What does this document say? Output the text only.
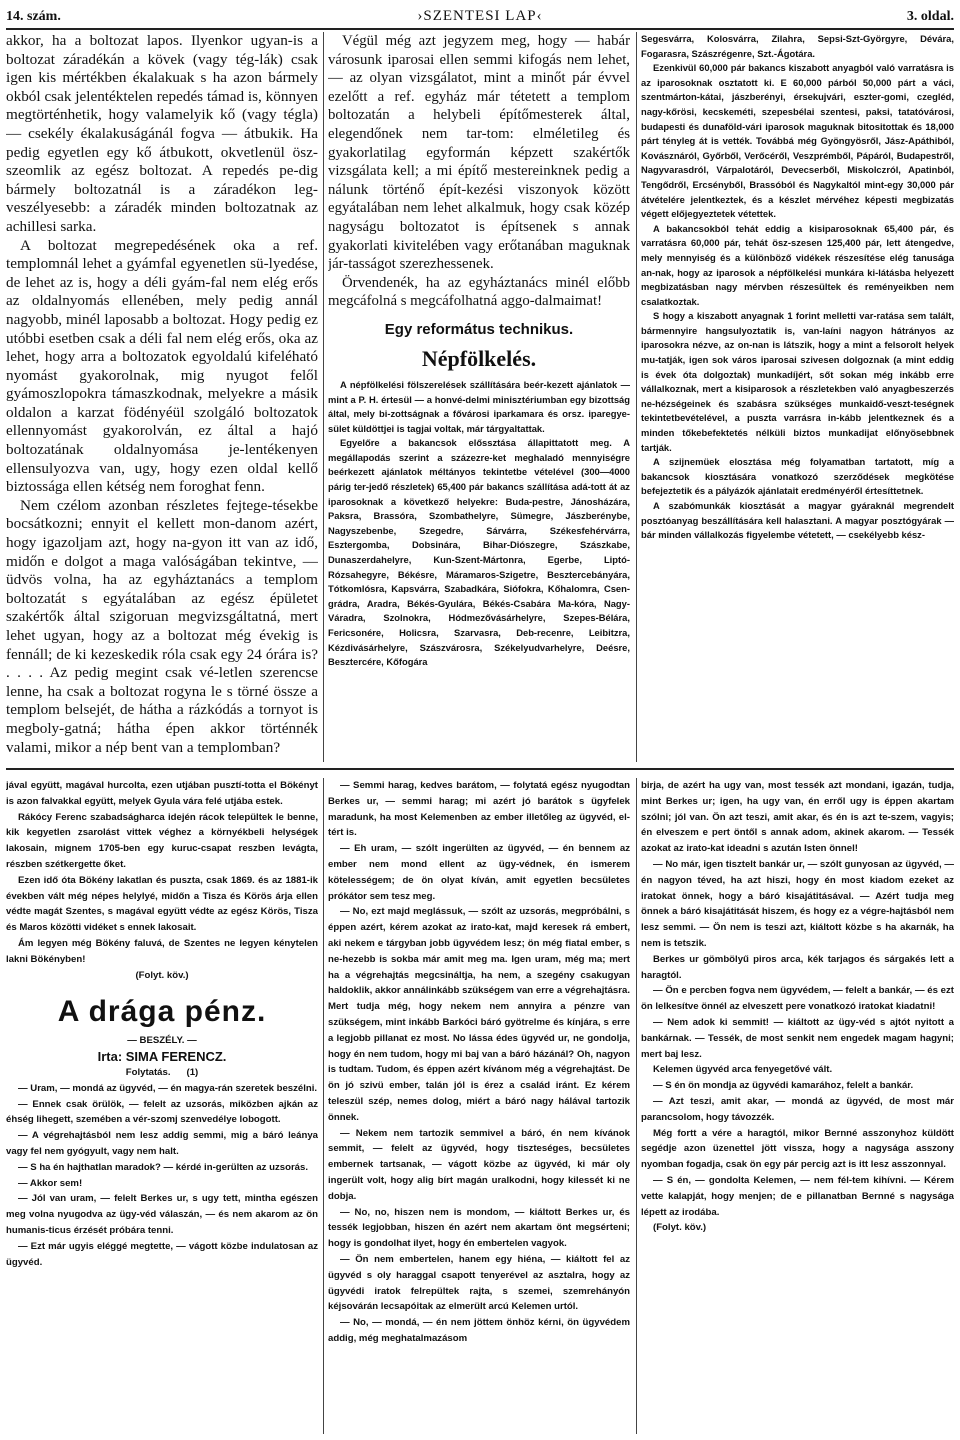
14. szám.	›SZENTESI LAP‹	3. oldal.

akkor, ha a boltozat lapos. Ilyenkor ugyan-is a boltozat záradékán a kövek (vagy tég-lák) csak igen kis mértékben ékalakuak s ha azon bármely okból csak jelentéktelen repedés támad is, könnyen megtörténhetik, hogy valamelyik kő (vagy tégla) — csekély ékalakuságánál fogva — átbukik. Ha pedig egyetlen egy kő átbukott, okvetlenül ösz-szeomlik az egész boltozat. A repedés pe-dig bármely boltozatnál is a záradékon leg-veszélyesebb: a záradék minden boltozatnak az achillesi sarka.

A boltozat megrepedésének oka a ref. templomnál lehet a gyámfal egyenetlen sü-lyedése, de lehet az is, hogy a déli gyám-fal nem elég erős az oldalnyomás ellenében, mely pedig annál nagyobb, minél laposabb a boltozat. Hogy pedig ez utóbbi esetben csak a déli fal nem elég erős, oka az lehet, hogy arra a boltozatok egyoldalú kifeléható nyomást gyakorolnak, mig nyugot felől gyámoszlopokra támaszkodnak, melyekre a másik oldalon a karzat födényéül szolgáló boltozatok ellennyomást gyakorolván, ez által a hajó boltozatának oldalnyomása je-lentékenyen ellensulyozva van, ugy, hogy ezen oldal kellő biztossága ellen kétség nem foroghat fenn.

Nem czélom azonban részletes fejtege-tésekbe bocsátkozni; ennyit el kellett mon-danom azért, hogy igazoljam azt, hogy na-gyon itt van az idő, midőn e dolgot a maga valóságában tekintve, — üdvös volna, ha az egyháztanács a templom boltozatát s egyátalában az egész épületet szakértők által szigoruan megvizsgáltatná, mert lehet ugyan, hogy az a boltozat még évekig is fennáll; de ki kezeskedik róla csak egy 24 órára is? . . . . Az pedig megint csak vé-letlen szerencse lenne, ha csak a boltozat rogyna le s törné össze a templom belsejét, de hátha a rázkódás a tornyot is megboly-gatná; hátha épen akkor történnék valami, mikor a nép bent van a templomban?

Végül még azt jegyzem meg, hogy — habár városunk iparosai ellen semmi kifogás nem lehet, — az olyan vizsgálatot, mint a minőt pár évvel ezelőtt a ref. egyház már tétetett a templom boltozatán a helybeli építőmesterek által, elegendőnek nem tar-tom: elméletileg és gyakorlatilag egyformán képzett szakértők vizsgálata kell; a mi építő mestereinknek pedig a nálunk történő épít-kezési viszonyok között egyátalában nem lehet alkalmuk, hogy csak közép nagyságu boltozatot is építsenek s annak gyakorlati kivitelében vagy erőtanában maguknak jár-tasságot szerezhessenek.

Örvendenék, ha az egyháztanács minél előbb megcáfolná s megcáfolhatná aggo-dalmaimat!

Egy református technikus.
Népfölkelés.

A népfölkelési fölszerelések szállítására beér-kezett ajánlatok — mint a P. H. értesül — a honvé-delmi minisztériumban egy bizottság által, mely bi-zottságnak a fővárosi iparkamara és orsz. iparegye-sület küldöttjei is tagjai voltak, már tárgyaltattak.

Egyelőre a bakancsok előssztása állapittatott meg. A megállapodás szerint a százezre-ket meghaladó mennyiségre beérkezett ajánlatok méltányos tekintetbe vételével (300—4000 párig ter-jedő részletek) 65,400 pár bakancs szállítása adá-tott át az iparosoknak a következő helyekre: Buda-pestre, Jánosházára, Paksra, Brassóra, Szombathelyre, Sümegre, Jászberénybe, Nagyszebenbe, Szegedre, Sárvárra, Székesfehérvárra, Esztergomba, Dobsinára, Bihar-Diószegre, Szászkabe, Dunaszerdahelyre, Kun-Szent-Mártonra, Egerbe, Liptó-Rózsahegyre, Békésre, Máramaros-Szigetre, Besztercebányára, Tótkomlósra, Kapsvárra, Szabadkára, Siófokra, Kőhalomra, Csen-grádra, Aradra, Békés-Gyulára, Békés-Csabára Ma-kóra, Nagy-Váradra, Szolnokra, Hódmezővásárhelyre, Szepes-Bélára, Fericsonére, Holicsra, Szarvasra, Deb-recenre, Leibitzra, Kézdivásárhelyre, Szászvárosra, Székelyudvarhelyre, Deésre, Besztercére, Kőfogára

Segesvárra, Kolosvárra, Zilahra, Sepsi-Szt-Györgyre, Dévára, Fogarasra, Szászrégenre, Szt.-Ágotára.

Ezenkivül 60,000 pár bakancs kiszabott anyagból való varratásra is az iparosoknak osztatott ki. E 60,000 párból 50,000 párt a váci, szentmárton-kátai, jászberényi, érsekujvári, eszter-gomi, czegléd, nagy-kőrösi, kecskeméti, szepesbélai szentesi, paksi, tatatóvárosi, budapesti és dunaföld-vári iparosok maguknak bitositottak és 18,000 párt tényleg át is vették. Továbbá még Gyöngyösről, Jász-Apáthiból, Kovásznáról, Győrből, Verőcéről, Veszprémből, Pápáról, Budapestről, Nagyvarasdról, Várpalotáról, Devecserből, Miskolczról, Apatinból, Tengődről, Ercsényből, Brassóból és Nagykaltól mint-egy 30,000 pár átvételére jelentkeztek, és a készlet mérvéhez képesti megbizatás végett előjegyeztetek vétettek.

A bakancsokból tehát eddig a kisiparosoknak 65,400 pár, és varratásra 60,000 pár, tehát ösz-szesen 125,400 pár, lett átengedve, mely mennyiség és a különböző vidékek részesítése elég tanusága an-nak, hogy az iparosok a népfölkelési munkára ki-látásba helyezett megbizatásban nagy mérvben részesültek és reményeikben nem csalatkoztak.

S hogy a kiszabott anyagnak 1 forint melletti var-ratása sem talált, bármennyire hangsulyoztatik is, van-laíni nagyon hátrányos az iparosokra nézve, az on-nan is látszik, hogy a mint a felsorolt helyek mu-tatják, igen sok város iparosai szivesen dolgoznak (a mint eddig is évek óta dolgoztak) munkadíjért, sőt sokan még inkább erre vállalkoznak, mert a kisiparosok a részletekben való anyagbeszerzés ne-hézségeinek és szabásra szükséges munkaidő-veszt-teségnek tekintetbevételével, a puszta varrásra in-kább jelentkeznek és a minden tőkebefektetés nélküli biztos munkadijat előnyösebbnek tartják.

A szijnemüek elosztása még folyamatban tartatott, míg a bakancsok kiosztására vonatkozó szerződések megkötése befejeztetik és a pályázók ajánlatait eredményéről értesíttetnek.

A szabómunkák kiosztását a magyar gyáraknál megrendelt posztóanyag beszállítására kell halasztani. A magyar posztógyárak — bár minden vállalkozás figyelembe vétetett, — csekélyebb kész-

jával együtt, magával hurcolta, ezen utjában pusztí-totta el Bökényt is azon falvakkal együtt, melyek Gyula vára felé utjába estek.

Rákócy Ferenc szabadságharca idején rácok települtek le benne, kik kegyetlen zsarolást vittek véghez a környékbeli helységek lakosain, mignem 1705-ben egy kuruc-csapat reszben levágta, részben szétkergette őket.

Ezen idő óta Bökény lakatlan és puszta, csak 1869. és az 1881-ik években vált még népes helylyé, midőn a Tisza és Körös árja ellen védte magát Szentes, s magával együtt védte az egész Körös, Tisza és Maros közötti vidéket s ennek lakosait.

Ám legyen még Bökény faluvá, de Szentes ne legyen kénytelen lakni Bökényben!

(Folyt. köv.)

A drága pénz.

— BESZÉLY. —

Irta: SIMA FERENCZ.

Folytatás. (1)

— Uram, — mondá az ügyvéd, — én magya-rán szeretek beszélni.

— Ennek csak örülök, — felelt az uzsorás, miközben ajkán az éhség lihegett, szemében a vér-szomj szenvedélye lobogott.

— A végrehajtásból nem lesz addig semmi, mig a báró leánya vagy fel nem gyógyult, vagy nem halt.

— S ha én hajthatlan maradok? — kérdé in-gerülten az uzsorás.

— Akkor sem!

— Jól van uram, — felelt Berkes ur, s ugy tett, mintha egészen meg volna nyugodva az ügy-véd válaszán, — és nem akarom az ön humanis-ticus érzését próbára tenni.

— Ezt már ugyis eléggé megtette, — vágott közbe indulatosan az ügyvéd.

— Semmi harag, kedves barátom, — folytatá egész nyugodtan Berkes ur, — semmi harag; mi azért jó barátok s ügyfelek maradunk, ha most Kelemenben az ember illetőleg az ügyvéd, el-tért is.

— Eh uram, — szólt ingerülten az ügyvéd, — én bennem az ember nem mond ellent az ügy-védnek, én ismerem kötelességem; de ön olyat kíván, amit egyetlen becsületes prókátor sem tesz meg.

— No, ezt majd meglássuk, — szólt az uzsorás, megpróbálni, s éppen azért, kérem azokat az irato-kat, majd keresek rá embert, aki nekem e tárgyban jobb ügyvédem lesz; ön még fiatal ember, s ne-hezebb is sokba már amit meg ma. Igen uram, még ma; mert ha a végrehajtás megcsináltja, ha nem, a szegény csakugyan haldoklik, akkor annálinkább szükségem van erre a végrehajtásra. Mert tudja még, hogy nekem nem annyira a pénzre van szükségem, mint inkább Barkóci báró gyötrelme és kínjára, s erre a legjobb pillanat ez most. No lássa édes ügyvéd ur, ne gondolja, hogy én nem tudom, hogy mi baj van a báró házánál? Oh, nagyon is tudtam. Tudom, és éppen azért kívánom még a végrehajtást. De ön jó szivü ember, talán jól is érez a család iránt. Ez kérem teleszül szép, nemes dolog, miért a báró nagy hálával tartozik önnek.

— Nekem nem tartozik semmivel a báró, én nem kívánok semmit, — felelt az ügyvéd, hogy tiszteséges, becsületes embernek tartsanak, — vágott közbe az ügyvéd, ki már oly ingerült volt, hogy alig bírt magán uralkodni, hogy kilessét ki ne dobja.

— No, no, hiszen nem is mondom, — kiáltott Berkes ur, és tessék legjobban, hiszen én azért nem akartam önt megsérteni; hogy is gondolhat ilyet, hogy én embertelen vagyok.

— Ön nem embertelen, hanem egy hiéna, — kiáltott fel az ügyvéd s oly haraggal csapott tenyerével az asztalra, hogy az ügyvédi iratok felrepültek rajta, s szemei, szemrehányón kéjsovárán lecsapóitak az elmerült arcú Kelemen urtól.

— No, — mondá, — én nem jöttem önhöz kérni, ön ügyvédem addig, még meghatalmazásom

birja, de azért ha ugy van, most tessék azt mondani, igazán, tudja, mint Berkes ur; igen, ha ugy van, én erről ugy is éppen akartam szólni; jól van. Ön azt teszi, amit akar, és én is azt te-szem, vagyis; én elveszem e pert öntől s annak adom, akinek akarom. — Tessék azokat az irato-kat ideadni s azután Isten önnel!

— No már, igen tisztelt bankár ur, — szólt gunyosan az ügyvéd, — én nagyon téved, ha azt hiszi, hogy én most kiadom ezeket az iratokat önnek, hogy a báró kisajátitásával. — Azért tudja meg önnek a báró kisajátitását hiszem, és hogy ez a végre-hajtásból nem lesz semmi. — Ön nem is teszi azt, kiáltott közbe s ha akarnák, ha nem is tetszik.

Berkes ur gömbölyű piros arca, kék tarjagos és sárgakés lett a haragtól.

— Ön e percben fogva nem ügyvédem, — felelt a bankár, — és ezt ön lelkesítve önnél az elveszett pere vonatkozó iratokat kiadatni!

— Nem adok ki semmit! — kiáltott az ügy-véd s ajtót nyitott a bankárnak. — Tessék, de most senkit nem engedek magam hagyni; mert baj lesz.

Kelemen ügyvéd arca fenyegetővé vált.

— S én ön mondja az ügyvédi kamarához, felelt a bankár.

— Azt teszi, amit akar, — mondá az ügyvéd, de most már parancsolom, hogy távozzék.

Még fortt a vére a haragtól, mikor Bernné asszonyhoz küldött segédje azon üzenettel jött vissza, hogy a nagysága asszony nyomban fogadja, csak ön egy pár percig azt is itt lesz asszonnyal.

— S én, — gondolta Kelemen, — nem fél-tem kihívni. — Kérem vette kalapját, hogy menjen; de e pillanatban Bernné s nagysága lépett az irodába.

(Folyt. köv.)
